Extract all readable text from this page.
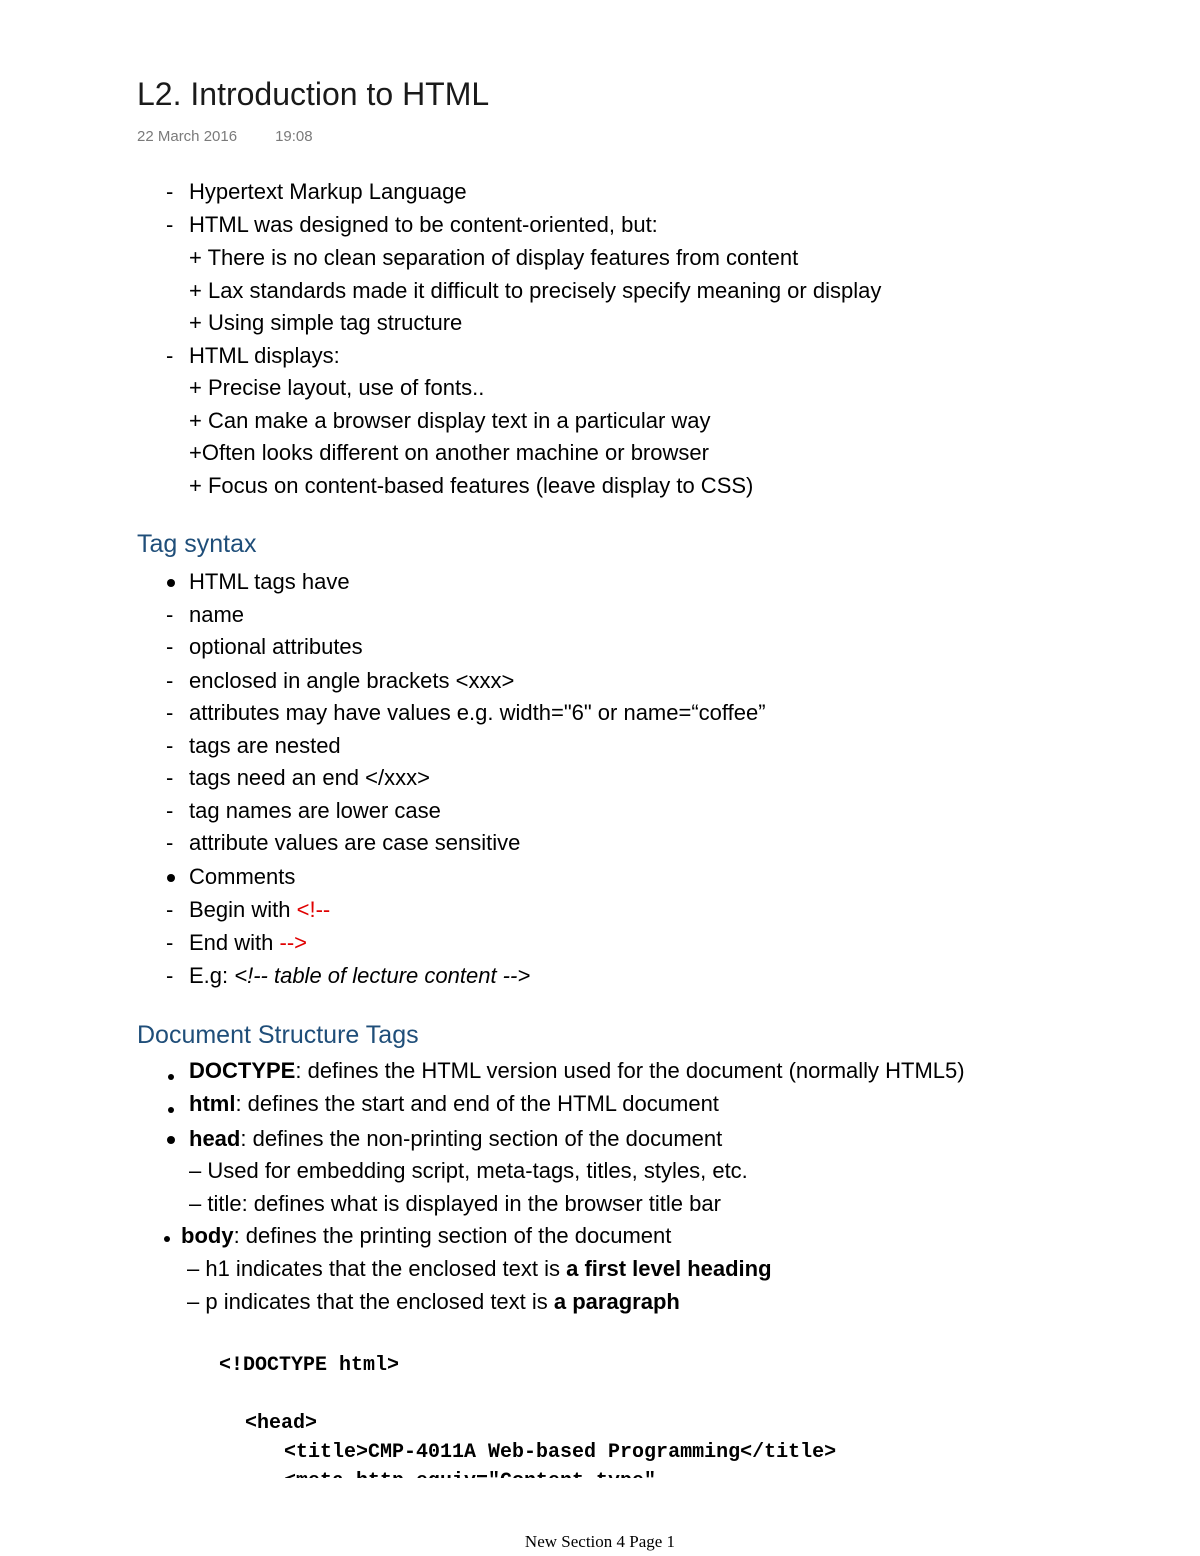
L2. Introduction to HTML
22 March 2016	19:08
- Hypertext Markup Language
- HTML was designed to be content-oriented, but:
+ There is no clean separation of display features from content
+ Lax standards made it difficult to precisely specify meaning or display
+ Using simple tag structure
- HTML displays:
+ Precise layout, use of fonts..
+ Can make a browser display text in a particular way
+Often looks different on another machine or browser
+ Focus on content-based features (leave display to CSS)
Tag syntax
HTML tags have
- name
- optional attributes
- enclosed in angle brackets <xxx>
- attributes may have values e.g. width="6" or name=“coffee”
- tags are nested
- tags need an end </xxx>
- tag names are lower case
- attribute values are case sensitive
Comments
- Begin with <!--
- End with -->
- E.g: <!-- table of lecture content -->
Document Structure Tags
DOCTYPE: defines the HTML version used for the document (normally HTML5)
html: defines the start and end of the HTML document
head: defines the non-printing section of the document
– Used for embedding script, meta-tags, titles, styles, etc.
– title: defines what is displayed in the browser title bar
body: defines the printing section of the document
– h1 indicates that the enclosed text is a first level heading
– p indicates that the enclosed text is a paragraph
<!DOCTYPE html>
<head>
<title>CMP-4011A Web-based Programming</title>
New Section 4 Page 1
